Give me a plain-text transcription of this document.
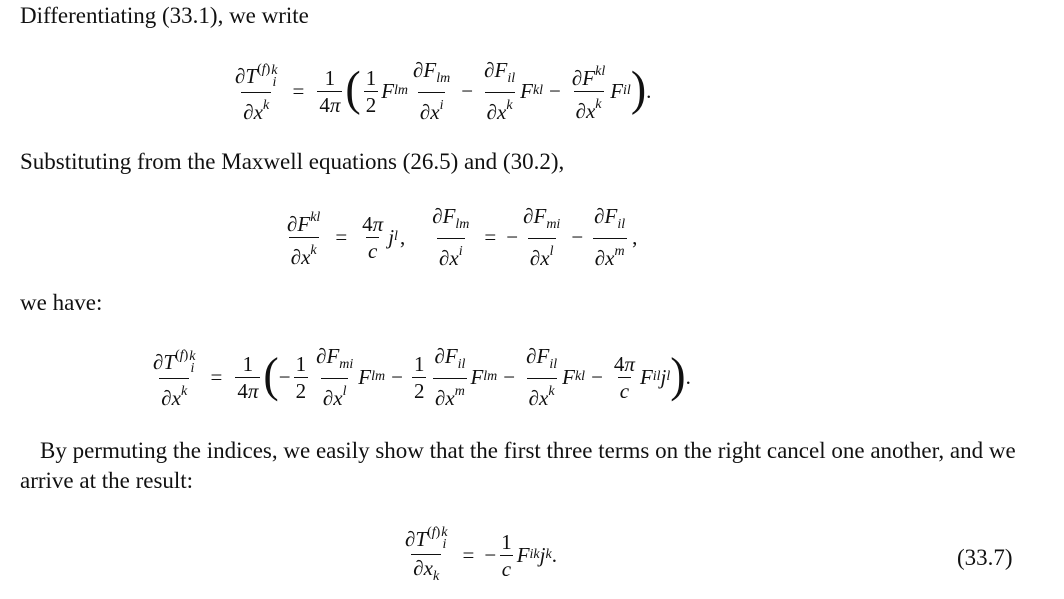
Differentiating (33.1), we write
$\partial T^{(f)}$ k
i
$\partial x^k = \frac{1}{4\pi}$ ( $\frac{1}{2}$ F lm $\frac{\partial F_{lm}}{\partial x^i} - \frac{\partial F_{il}}{\partial x^k}$ F kl − $\frac{\partial F^{kl}}{\partial x^k}$ F il ) .
Substituting from the Maxwell equations (26.5) and (30.2),
$\frac{\partial F^{kl}}{\partial x^k} = \frac{4\pi}{c}$ j l , $\frac{\partial F_{lm}}{\partial x^i}$ = − $\frac{\partial F_{mi}}{\partial x^l} - \frac{\partial F_{il}}{\partial x^m}$ ,
we have:
$\partial T^{(f)}$ k
i
$\partial x^k = \frac{1}{4\pi}$ ( − $\frac{1}{2} \frac{\partial F_{mi}}{\partial x^l}$ F lm − $\frac{1}{2} \frac{\partial F_{il}}{\partial x^m}$ F lm − $\frac{\partial F_{il}}{\partial x^k}$ F kl − $\frac{4\pi}{c}$ F il j l ) .
By permuting the indices, we easily show that the first three terms on the right cancel one another, and we arrive at the result:
$\partial T^{(f)}$ k
i
$\partial x_k$ = − $\frac{1}{c}$ F ik j k .	(33.7)
